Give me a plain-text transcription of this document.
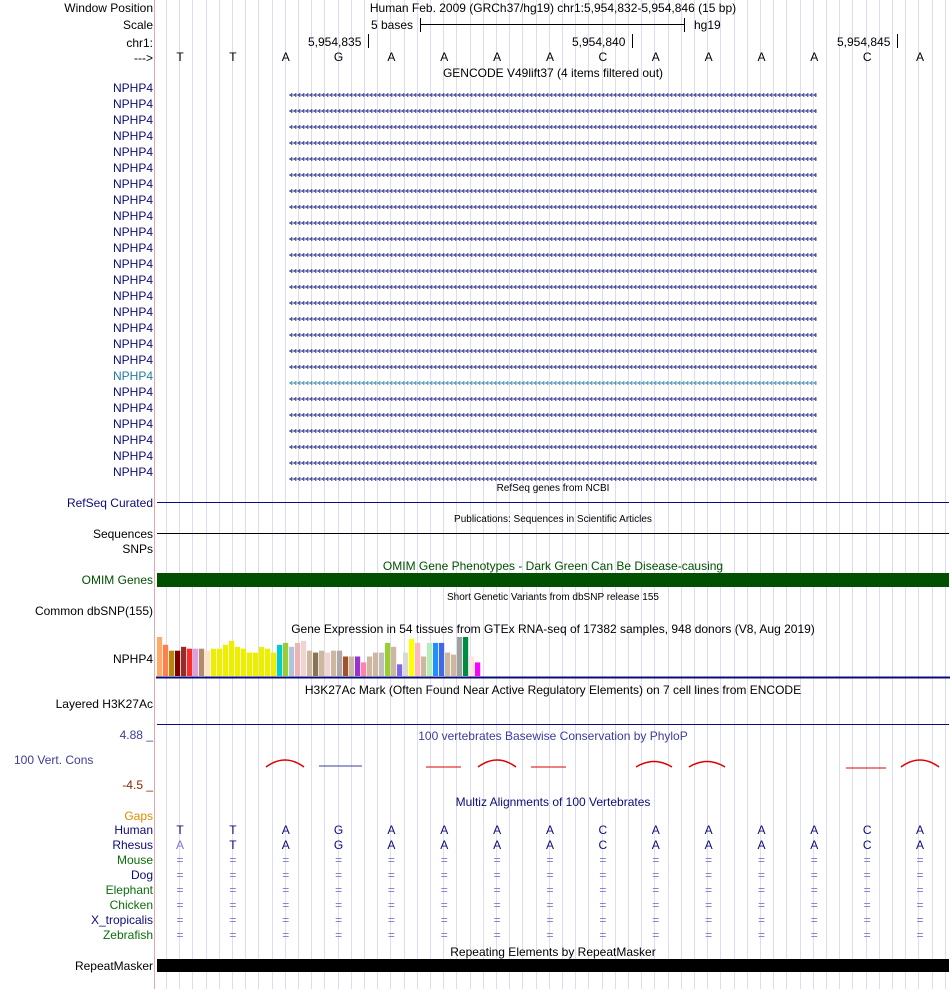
Window Position	Human Feb. 2009 (GRCh37/hg19) chr1:5,954,832-5,954,846 (15 bp)
Scale	5 bases	hg19
chr1:	5,954,835	5,954,840	5,954,845
--->	T	T	A	G	A	A	A	A	C	A	A	A	A	C	A
GENCODE V49lift37 (4 items filtered out)
NPHP4
NPHP4
NPHP4
NPHP4
NPHP4
NPHP4
NPHP4
NPHP4
NPHP4
NPHP4
NPHP4
NPHP4
NPHP4
NPHP4
NPHP4
NPHP4
NPHP4
NPHP4
NPHP4
NPHP4
NPHP4
NPHP4
NPHP4
NPHP4
NPHP4
RefSeq genes from NCBI
RefSeq Curated
Publications: Sequences in Scientific Articles
Sequences
SNPs
OMIM Gene Phenotypes - Dark Green Can Be Disease-causing
OMIM Genes
Short Genetic Variants from dbSNP release 155
Common dbSNP(155)
Gene Expression in 54 tissues from GTEx RNA-seq of 17382 samples, 948 donors (V8, Aug 2019)
NPHP4
H3K27Ac Mark (Often Found Near Active Regulatory Elements) on 7 cell lines from ENCODE
Layered H3K27Ac
100 vertebrates Basewise Conservation by PhyloP
4.88 _
100 Vert. Cons
-4.5 _
Multiz Alignments of 100 Vertebrates
Gaps
Human	T	T	A	G	A	A	A	A	C	A	A	A	A	C	A
Rhesus	A	T	A	G	A	A	A	A	C	A	A	A	A	C	A
Mouse	=	=	=	=	=	=	=	=	=	=	=	=	=	=	=
Dog	=	=	=	=	=	=	=	=	=	=	=	=	=	=	=
Elephant	=	=	=	=	=	=	=	=	=	=	=	=	=	=	=
Chicken	=	=	=	=	=	=	=	=	=	=	=	=	=	=	=
X_tropicalis	=	=	=	=	=	=	=	=	=	=	=	=	=	=	=
Zebrafish	=	=	=	=	=	=	=	=	=	=	=	=	=	=	=
Repeating Elements by RepeatMasker
RepeatMasker
